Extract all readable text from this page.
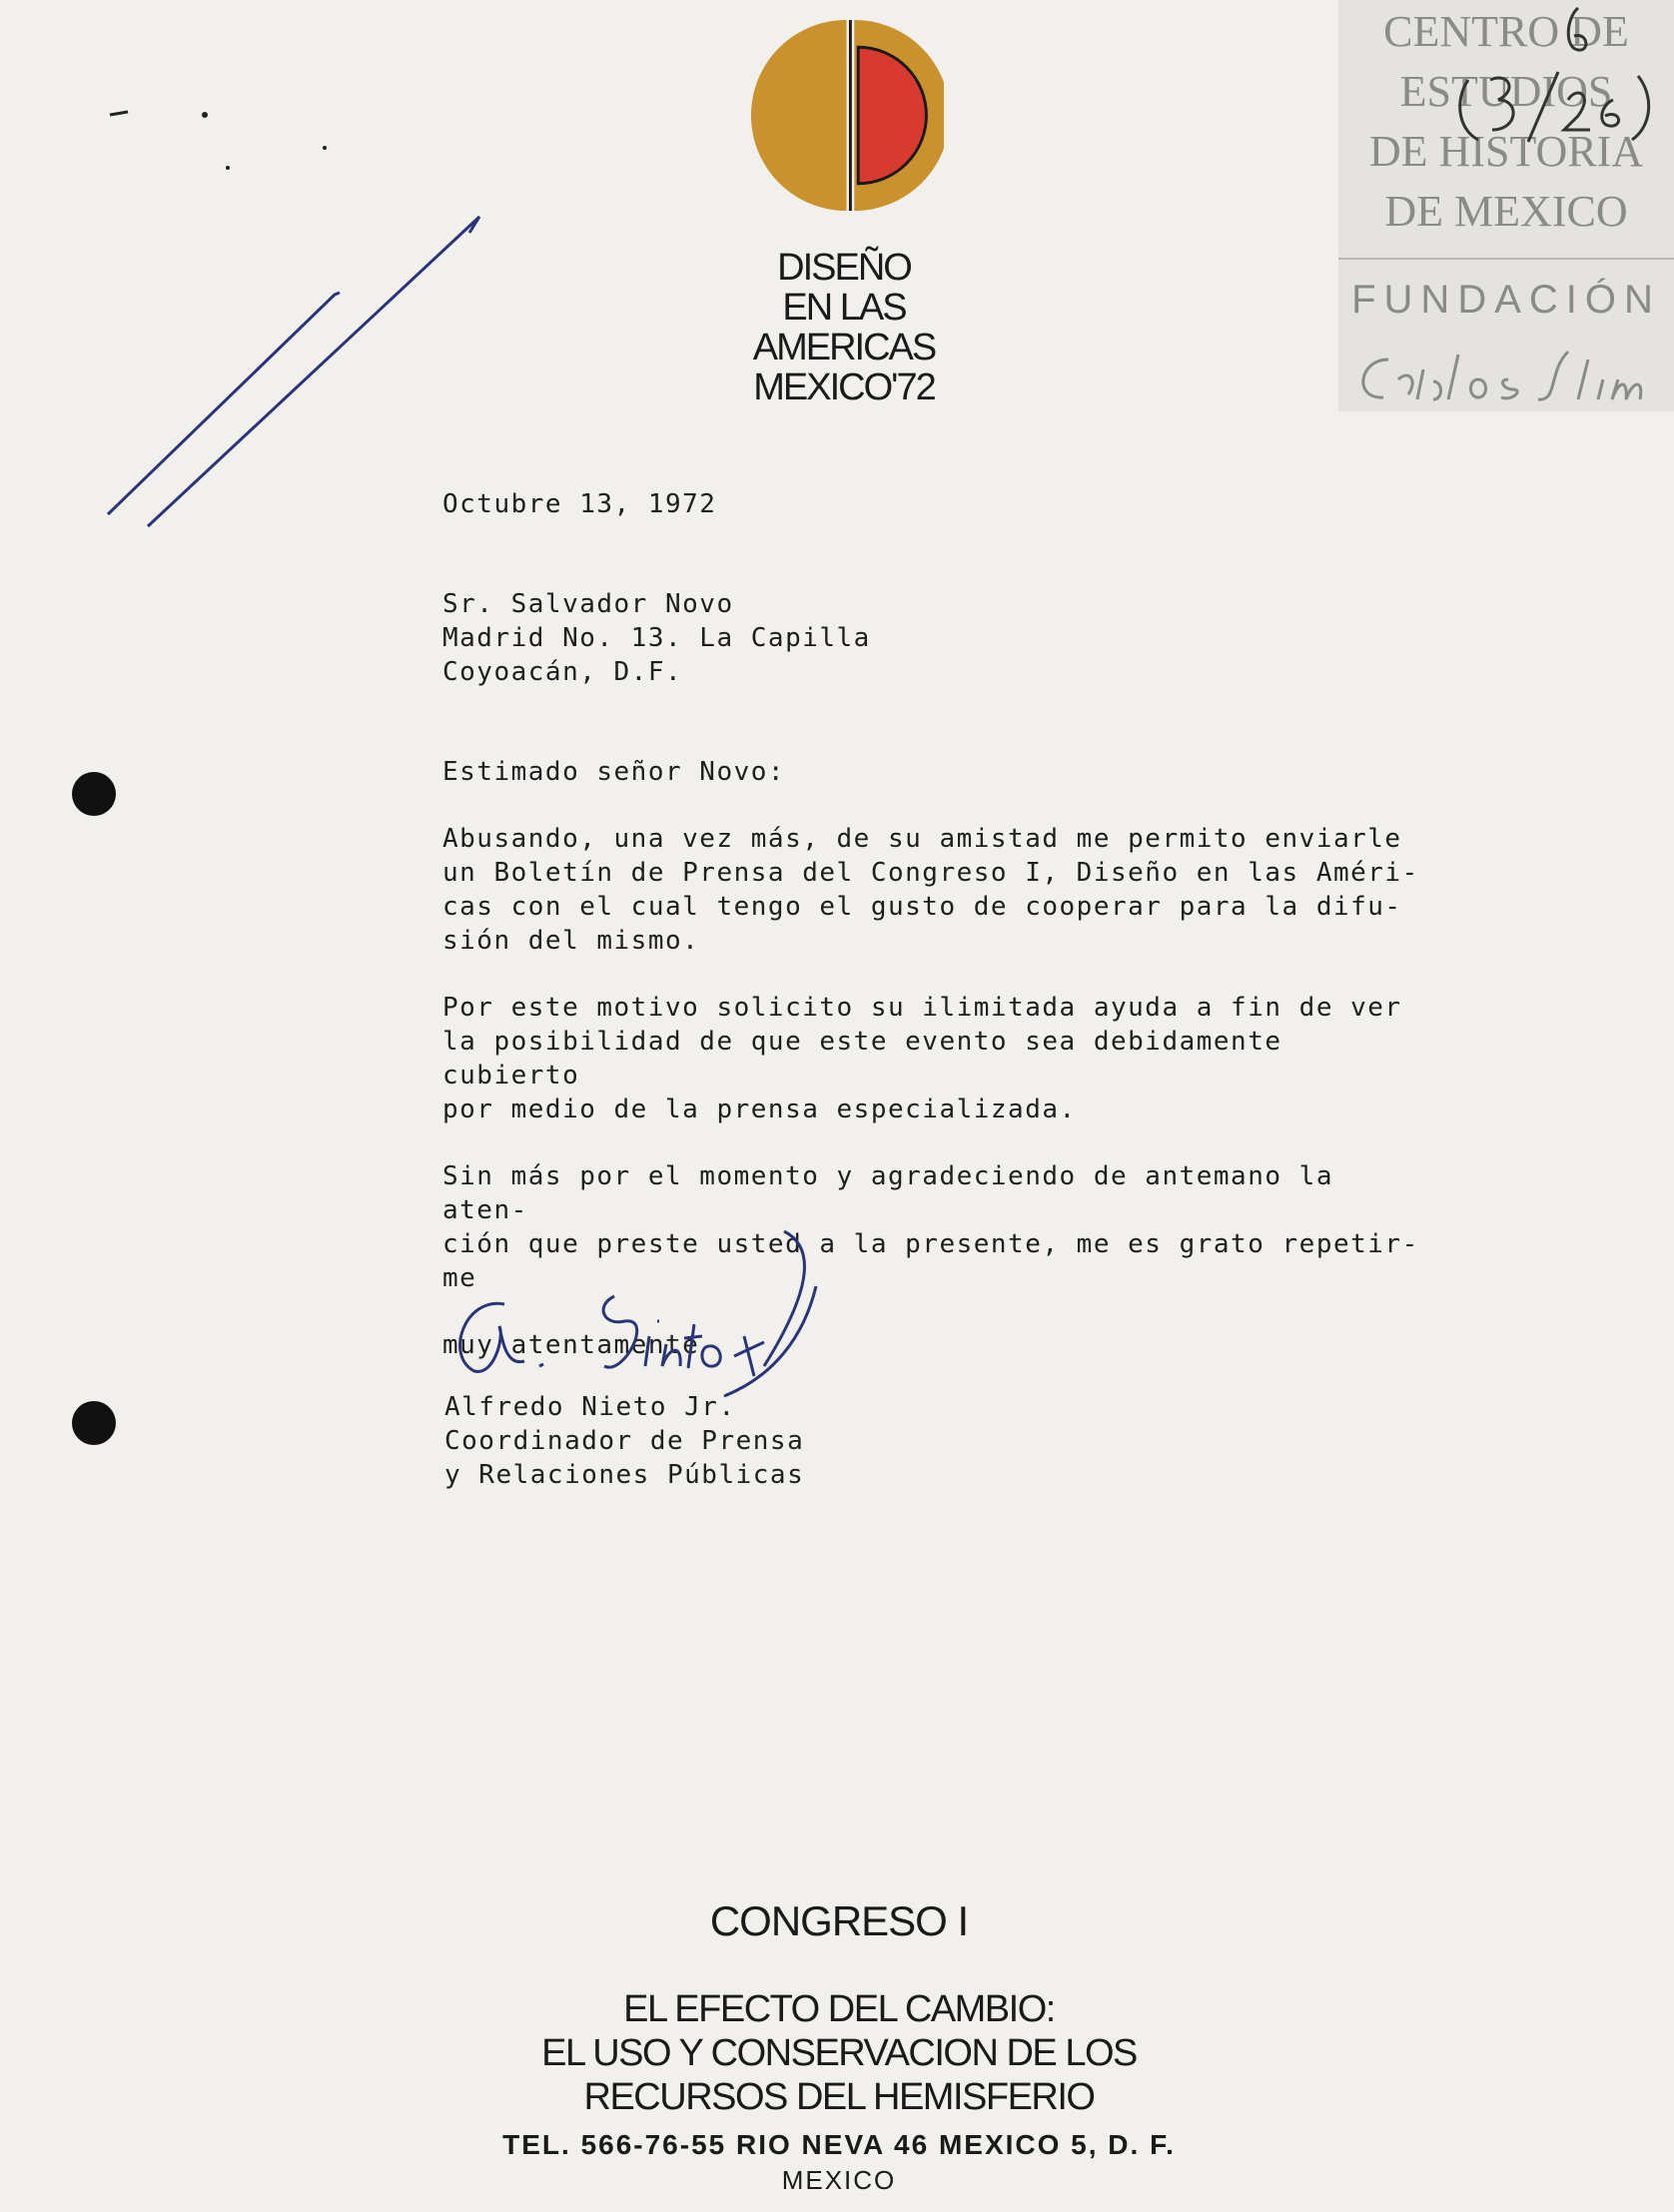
DISEÑO
EN LAS
AMERICAS
MEXICO'72
CENTRO DE
ESTUDIOS
DE HISTORIA
DE MEXICO
FUNDACIÓN
Octubre 13, 1972
Sr. Salvador Novo
Madrid No. 13. La Capilla
Coyoacán, D.F.
Estimado señor Novo:
Abusando, una vez más, de su amistad me permito enviarle
un Boletín de Prensa del Congreso I, Diseño en las Améri-
cas con el cual tengo el gusto de cooperar para la difu-
sión del mismo.
Por este motivo solicito su ilimitada ayuda a fin de ver
la posibilidad de que este evento sea debidamente cubierto
por medio de la prensa especializada.
Sin más por el momento y agradeciendo de antemano la aten-
ción que preste usted a la presente, me es grato repetir-
me
muy atentamente
Alfredo Nieto Jr.
Coordinador de Prensa
y Relaciones Públicas
CONGRESO I
EL EFECTO DEL CAMBIO:
EL USO Y CONSERVACION DE LOS
RECURSOS DEL HEMISFERIO
TEL. 566-76-55 RIO NEVA 46 MEXICO 5, D. F.
MEXICO
